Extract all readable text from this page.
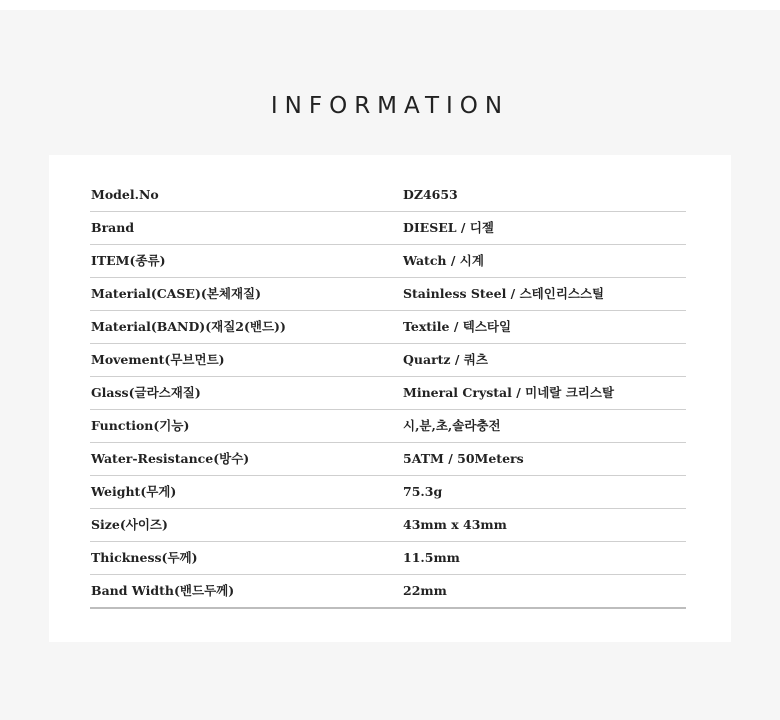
INFORMATION
Model.No	DZ4653
Brand	DIESEL / 디젤
ITEM(종류)	Watch / 시계
Material(CASE)(본체재질)	Stainless Steel / 스테인리스스틸
Material(BAND)(재질2(밴드))	Textile / 텍스타일
Movement(무브먼트)	Quartz / 쿼츠
Glass(글라스재질)	Mineral Crystal / 미네랄 크리스탈
Function(기능)	시,분,초,솔라충전
Water-Resistance(방수)	5ATM / 50Meters
Weight(무게)	75.3g
Size(사이즈)	43mm x 43mm
Thickness(두께)	11.5mm
Band Width(밴드두께)	22mm
